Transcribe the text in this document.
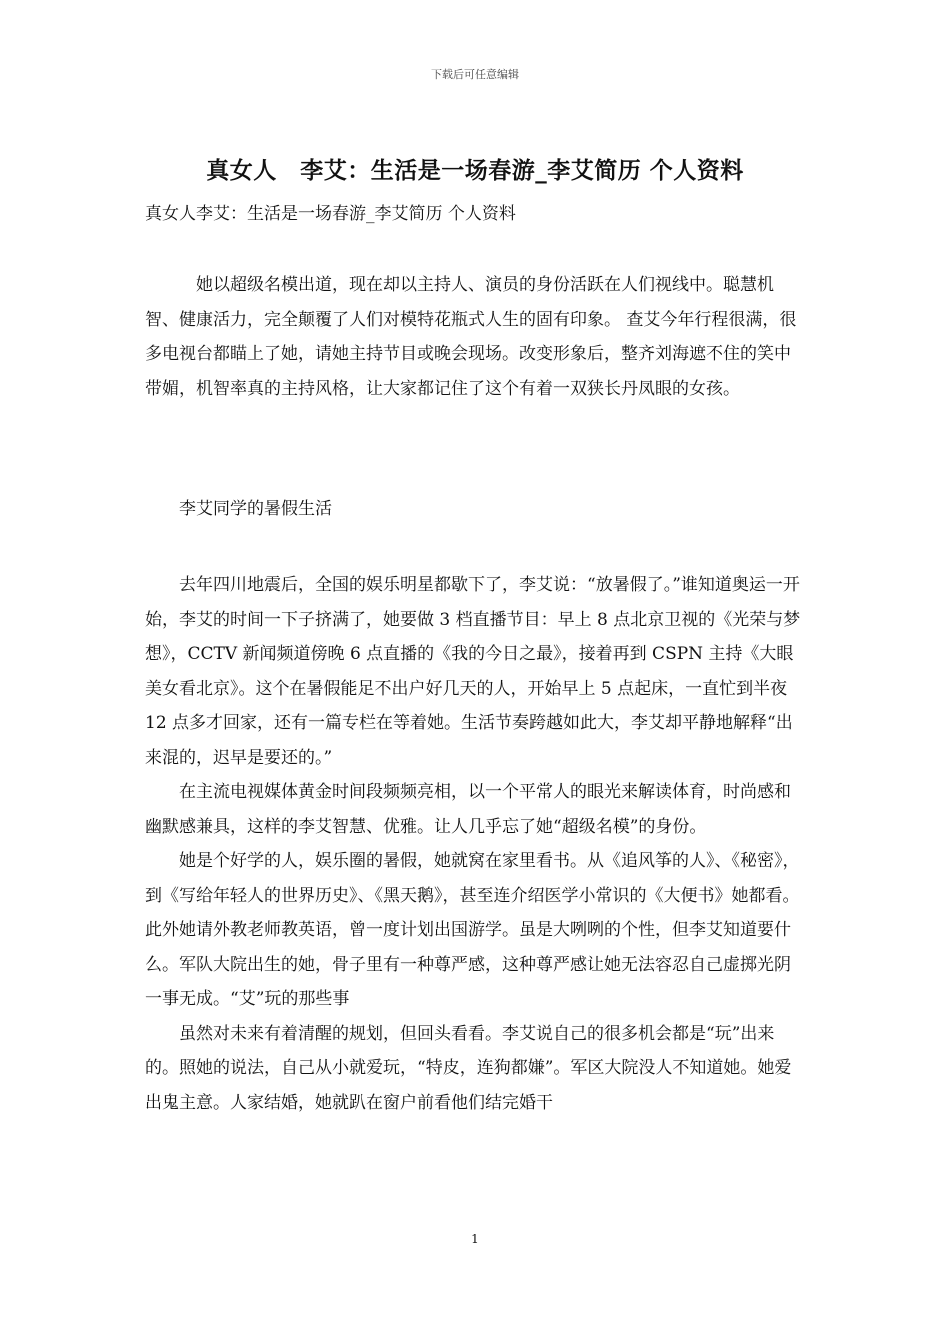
下载后可任意编辑
真女人　李艾：生活是一场春游_李艾简历 个人资料
真女人李艾：生活是一场春游_李艾简历 个人资料

她以超级名模出道，现在却以主持人、演员的身份活跃在人们视线中。聪慧机智、健康活力，完全颠覆了人们对模特花瓶式人生的固有印象。 查艾今年行程很满，很多电视台都瞄上了她，请她主持节目或晚会现场。改变形象后，整齐刘海遮不住的笑中带媚，机智率真的主持风格，让大家都记住了这个有着一双狭长丹凤眼的女孩。

李艾同学的暑假生活

去年四川地震后，全国的娱乐明星都歇下了，李艾说：“放暑假了。”谁知道奥运一开始，李艾的时间一下子挤满了，她要做 3 档直播节目：早上 8 点北京卫视的《光荣与梦想》，CCTV 新闻频道傍晚 6 点直播的《我的今日之最》，接着再到 CSPN 主持《大眼美女看北京》。这个在暑假能足不出户好几天的人，开始早上 5 点起床，一直忙到半夜 12 点多才回家，还有一篇专栏在等着她。生活节奏跨越如此大，李艾却平静地解释“出来混的，迟早是要还的。”

在主流电视媒体黄金时间段频频亮相，以一个平常人的眼光来解读体育，时尚感和幽默感兼具，这样的李艾智慧、优雅。让人几乎忘了她“超级名模”的身份。

她是个好学的人，娱乐圈的暑假，她就窝在家里看书。从《追风筝的人》、《秘密》，到《写给年轻人的世界历史》、《黑天鹅》，甚至连介绍医学小常识的《大便书》她都看。此外她请外教老师教英语，曾一度计划出国游学。虽是大咧咧的个性，但李艾知道要什么。军队大院出生的她，骨子里有一种尊严感，这种尊严感让她无法容忍自己虚掷光阴一事无成。“艾”玩的那些事

虽然对未来有着清醒的规划，但回头看看。李艾说自己的很多机会都是“玩”出来的。照她的说法，自己从小就爱玩，“特皮，连狗都嫌”。军区大院没人不知道她。她爱出鬼主意。人家结婚，她就趴在窗户前看他们结完婚干

1
